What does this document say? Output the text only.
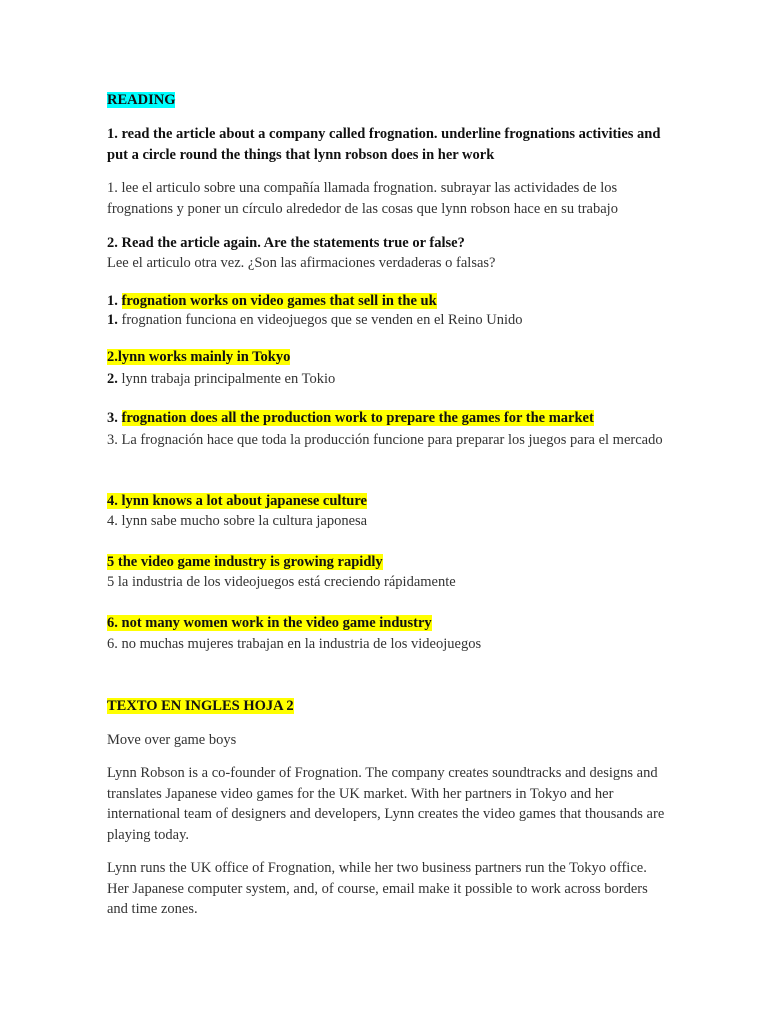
READING

1. read the article about a company called frognation. underline frognations activities and put a circle round the things that lynn robson does in her work

1. lee el articulo sobre una compañía llamada frognation. subrayar las actividades de los frognations y poner un círculo alrededor de las cosas que lynn robson hace en su trabajo

2. Read the article again. Are the statements true or false?

Lee el articulo otra vez. ¿Son las afirmaciones verdaderas o falsas?

1. frognation works on video games that sell in the uk

1. frognation funciona en videojuegos que se venden en el Reino Unido

2.lynn works mainly in Tokyo

2. lynn trabaja principalmente en Tokio

3. frognation does all the production work to prepare the games for the market

3. La frognación hace que toda la producción funcione para preparar los juegos para el mercado

4. lynn knows a lot about japanese culture

4. lynn sabe mucho sobre la cultura japonesa

5 the video game industry is growing rapidly

5 la industria de los videojuegos está creciendo rápidamente

6. not many women work in the video game industry

6. no muchas mujeres trabajan en la industria de los videojuegos

TEXTO EN INGLES HOJA 2

Move over game boys

Lynn Robson is a co-founder of Frognation. The company creates soundtracks and designs and translates Japanese video games for the UK market. With her partners in Tokyo and her international team of designers and developers, Lynn creates the video games that thousands are playing today.

Lynn runs the UK office of Frognation, while her two business partners run the Tokyo office. Her Japanese computer system, and, of course, email make it possible to work across borders and time zones.
